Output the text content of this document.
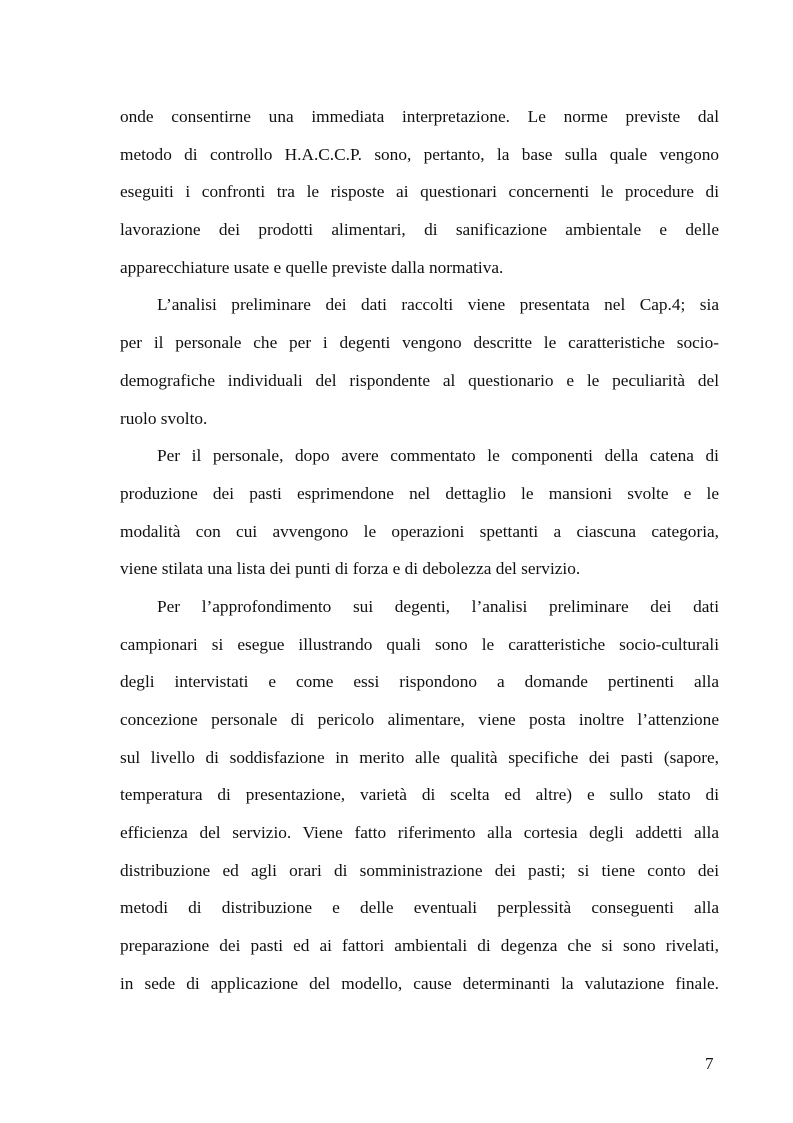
onde consentirne una immediata interpretazione. Le norme previste dal
metodo di controllo H.A.C.C.P. sono, pertanto, la base sulla quale vengono
eseguiti i confronti tra le risposte ai questionari concernenti le procedure di
lavorazione dei prodotti alimentari, di sanificazione ambientale e delle
apparecchiature usate e quelle previste dalla normativa.
L’analisi preliminare dei dati raccolti viene presentata nel Cap.4; sia
per il personale che per i degenti vengono descritte le caratteristiche socio-
demografiche individuali del rispondente al questionario e le peculiarità del
ruolo svolto.
Per il personale, dopo avere commentato le componenti della catena di
produzione dei pasti esprimendone nel dettaglio le mansioni svolte e le
modalità con cui avvengono le operazioni spettanti a ciascuna categoria,
viene stilata una lista dei punti di forza e di debolezza del servizio.
Per l’approfondimento sui degenti, l’analisi preliminare dei dati
campionari si esegue illustrando quali sono le caratteristiche socio-culturali
degli intervistati e come essi rispondono a domande pertinenti alla
concezione personale di pericolo alimentare, viene posta inoltre l’attenzione
sul livello di soddisfazione in merito alle qualità specifiche dei pasti (sapore,
temperatura di presentazione, varietà di scelta ed altre) e sullo stato di
efficienza del servizio. Viene fatto riferimento alla cortesia degli addetti alla
distribuzione ed agli orari di somministrazione dei pasti; si tiene conto dei
metodi di distribuzione e delle eventuali perplessità conseguenti alla
preparazione dei pasti ed ai fattori ambientali di degenza che si sono rivelati,
in sede di applicazione del modello, cause determinanti la valutazione finale.
7
